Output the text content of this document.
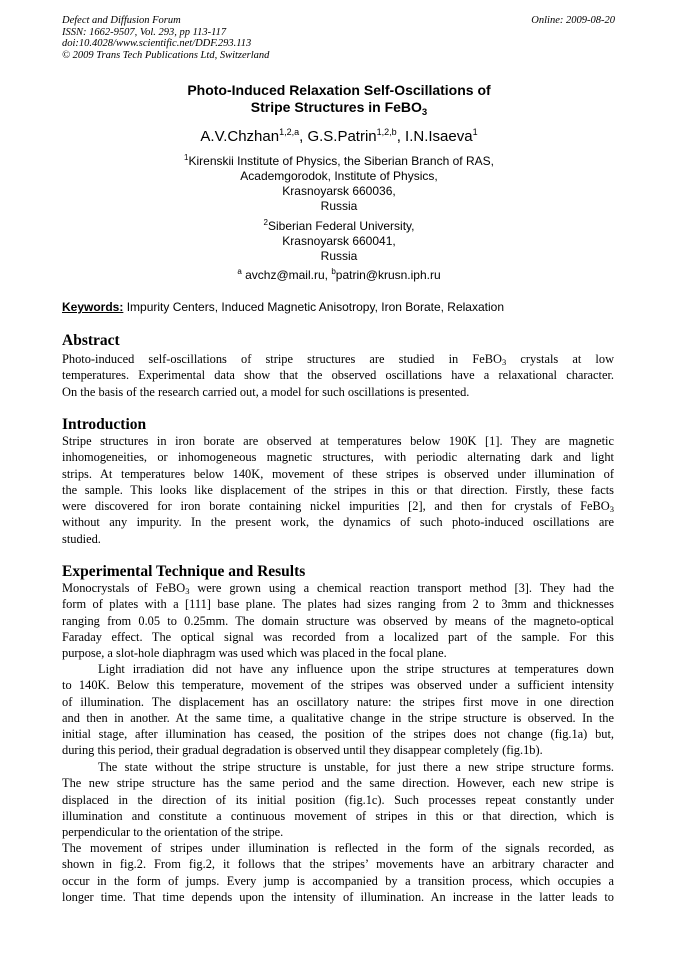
Defect and Diffusion Forum
ISSN: 1662-9507, Vol. 293, pp 113-117
doi:10.4028/www.scientific.net/DDF.293.113
© 2009 Trans Tech Publications Ltd, Switzerland
Online: 2009-08-20
Photo-Induced Relaxation Self-Oscillations of
Stripe Structures in FeBO$_3$
A.V.Chzhan$^{1,2,a}$, G.S.Patrin$^{1,2,b}$, I.N.Isaeva$^1$
$^1$Kirenskii Institute of Physics, the Siberian Branch of RAS,
Academgorodok, Institute of Physics,
Krasnoyarsk 660036,
Russia
$^2$Siberian Federal University,
Krasnoyarsk 660041,
Russia
$^a$ avchz@mail.ru, $^b$patrin@krusn.iph.ru
Keywords: Impurity Centers, Induced Magnetic Anisotropy, Iron Borate, Relaxation
Abstract
Photo-induced self-oscillations of stripe structures are studied in FeBO$_3$ crystals at low
temperatures. Experimental data show that the observed oscillations have a relaxational character.
On the basis of the research carried out, a model for such oscillations is presented.
Introduction
Stripe structures in iron borate are observed at temperatures below 190K [1]. They are magnetic
inhomogeneities, or inhomogeneous magnetic structures, with periodic alternating dark and light
strips. At temperatures below 140K, movement of these stripes is observed under illumination of
the sample. This looks like displacement of the stripes in this or that direction. Firstly, these facts
were discovered for iron borate containing nickel impurities [2], and then for crystals of FeBO$_3$
without any impurity. In the present work, the dynamics of such photo-induced oscillations are
studied.
Experimental Technique and Results
Monocrystals of FeBO$_3$ were grown using a chemical reaction transport method [3]. They had the
form of plates with a [111] base plane. The plates had sizes ranging from 2 to 3mm and thicknesses
ranging from 0.05 to 0.25mm. The domain structure was observed by means of the magneto-optical
Faraday effect. The optical signal was recorded from a localized part of the sample. For this
purpose, a slot-hole diaphragm was used which was placed in the focal plane.
Light irradiation did not have any influence upon the stripe structures at temperatures down
to 140K. Below this temperature, movement of the stripes was observed under a sufficient intensity
of illumination. The displacement has an oscillatory nature: the stripes first move in one direction
and then in another. At the same time, a qualitative change in the stripe structure is observed. In the
initial stage, after illumination has ceased, the position of the stripes does not change (fig.1a) but,
during this period, their gradual degradation is observed until they disappear completely (fig.1b).
The state without the stripe structure is unstable, for just there a new stripe structure forms.
The new stripe structure has the same period and the same direction. However, each new stripe is
displaced in the direction of its initial position (fig.1c). Such processes repeat constantly under
illumination and constitute a continuous movement of stripes in this or that direction, which is
perpendicular to the orientation of the stripe.
The movement of stripes under illumination is reflected in the form of the signals recorded, as
shown in fig.2. From fig.2, it follows that the stripes’ movements have an arbitrary character and
occur in the form of jumps. Every jump is accompanied by a transition process, which occupies a
longer time. That time depends upon the intensity of illumination. An increase in the latter leads to
